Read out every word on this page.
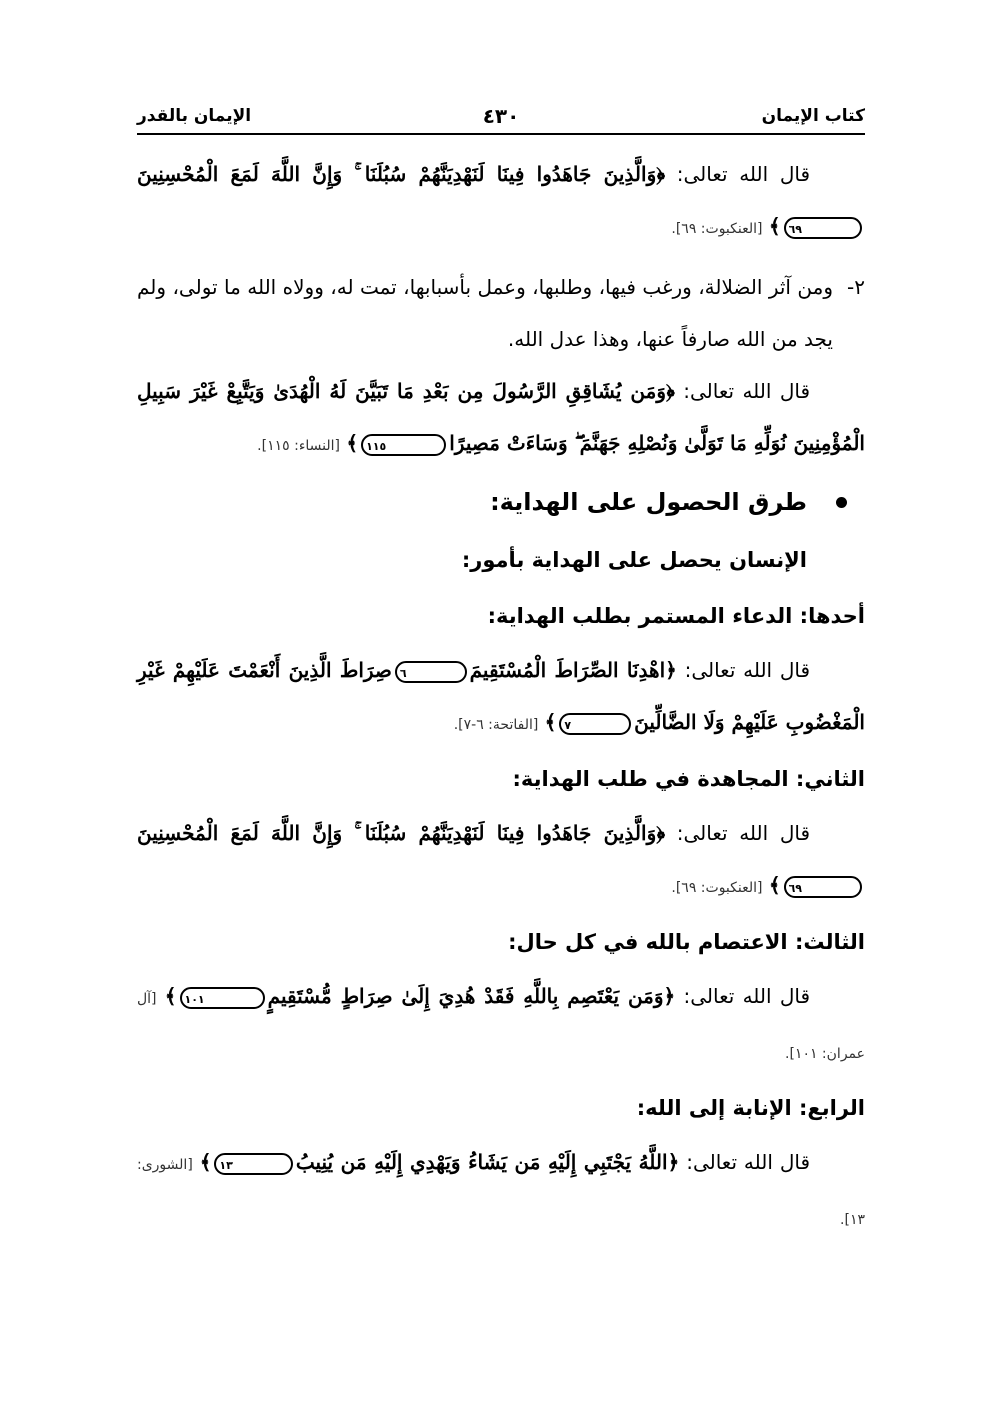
كتاب الإيمان
٤٣٠
الإيمان بالقدر

قال الله تعالى: ﴿وَالَّذِينَ جَاهَدُوا فِينَا لَنَهْدِيَنَّهُمْ سُبُلَنَا ۚ وَإِنَّ اللَّهَ لَمَعَ الْمُحْسِنِينَ٦٩﴾ [العنكبوت: ٦٩].

٢-
ومن آثر الضلالة، ورغب فيها، وطلبها، وعمل بأسبابها، تمت له، وولاه الله ما تولى، ولم يجد من الله صارفاً عنها، وهذا عدل الله.

قال الله تعالى: ﴿وَمَن يُشَاقِقِ الرَّسُولَ مِن بَعْدِ مَا تَبَيَّنَ لَهُ الْهُدَىٰ وَيَتَّبِعْ غَيْرَ سَبِيلِ الْمُؤْمِنِينَ نُوَلِّهِ مَا تَوَلَّىٰ وَنُصْلِهِ جَهَنَّمَ ۖ وَسَاءَتْ مَصِيرًا١١٥﴾ [النساء: ١١٥].

طرق الحصول على الهداية:

الإنسان يحصل على الهداية بأمور:

أحدها: الدعاء المستمر بطلب الهداية:

قال الله تعالى: ﴿اهْدِنَا الصِّرَاطَ الْمُسْتَقِيمَ٦صِرَاطَ الَّذِينَ أَنْعَمْتَ عَلَيْهِمْ غَيْرِ الْمَغْضُوبِ عَلَيْهِمْ وَلَا الضَّالِّينَ٧﴾ [الفاتحة: ٦-٧].

الثاني: المجاهدة في طلب الهداية:

قال الله تعالى: ﴿وَالَّذِينَ جَاهَدُوا فِينَا لَنَهْدِيَنَّهُمْ سُبُلَنَا ۚ وَإِنَّ اللَّهَ لَمَعَ الْمُحْسِنِينَ٦٩﴾ [العنكبوت: ٦٩].

الثالث: الاعتصام بالله في كل حال:

قال الله تعالى: ﴿وَمَن يَعْتَصِم بِاللَّهِ فَقَدْ هُدِيَ إِلَىٰ صِرَاطٍ مُّسْتَقِيمٍ١٠١﴾ [آل عمران: ١٠١].

الرابع: الإنابة إلى الله:

قال الله تعالى: ﴿اللَّهُ يَجْتَبِي إِلَيْهِ مَن يَشَاءُ وَيَهْدِي إِلَيْهِ مَن يُنِيبُ١٣﴾ [الشورى: ١٣].
